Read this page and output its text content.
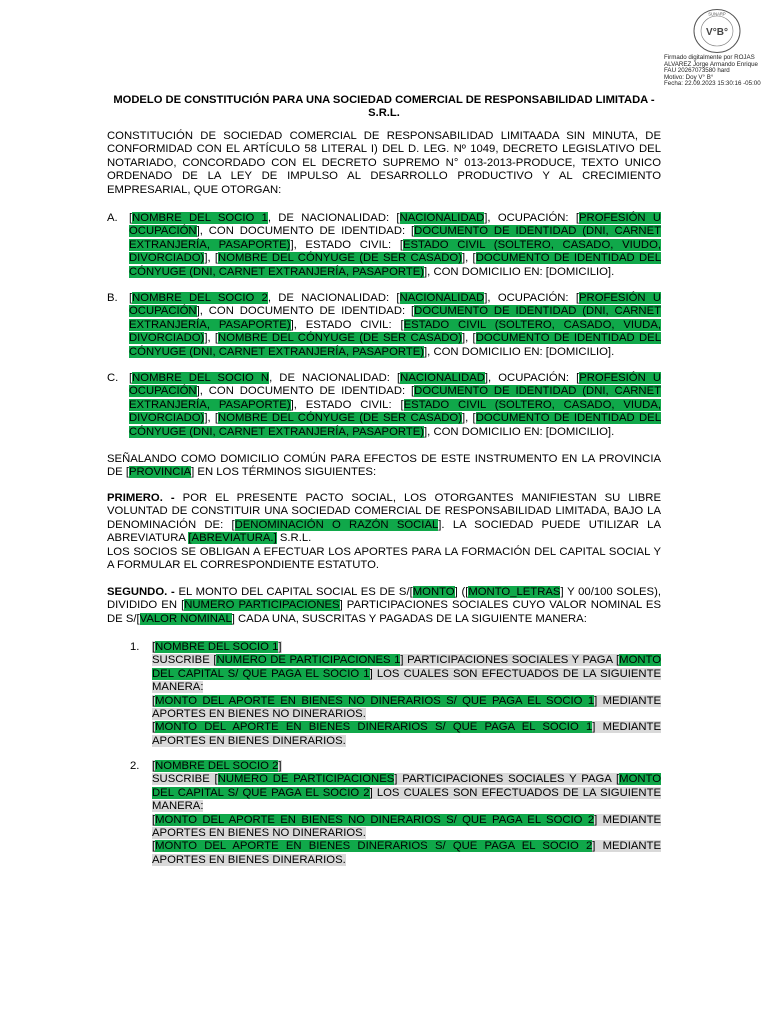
SUNARP
V°B°
Firmado digitalmente por ROJAS
ALVAREZ Jorge Armando Enrique
FAU 20267073580 hard
Motivo: Doy V° B°
Fecha: 22.09.2023 15:30:16 -05:00
MODELO DE CONSTITUCIÓN PARA UNA SOCIEDAD COMERCIAL DE RESPONSABILIDAD LIMITADA - S.R.L.
CONSTITUCIÓN DE SOCIEDAD COMERCIAL DE RESPONSABILIDAD LIMITAADA SIN MINUTA, DE CONFORMIDAD CON EL ARTÍCULO 58 LITERAL I) DEL D. LEG. Nº 1049, DECRETO LEGISLATIVO DEL NOTARIADO, CONCORDADO CON EL DECRETO SUPREMO N° 013-2013-PRODUCE, TEXTO UNICO ORDENADO DE LA LEY DE IMPULSO AL DESARROLLO PRODUCTIVO Y AL CRECIMIENTO EMPRESARIAL, QUE OTORGAN:
A. [NOMBRE DEL SOCIO 1, DE NACIONALIDAD: [NACIONALIDAD], OCUPACIÓN: [PROFESIÓN U OCUPACIÓN], CON DOCUMENTO DE IDENTIDAD: [DOCUMENTO DE IDENTIDAD (DNI, CARNET EXTRANJERÍA, PASAPORTE)], ESTADO CIVIL: [ESTADO CIVIL (SOLTERO, CASADO, VIUDO, DIVORCIADO)], [NOMBRE DEL CÓNYUGE (DE SER CASADO)], [DOCUMENTO DE IDENTIDAD DEL CÓNYUGE (DNI, CARNET EXTRANJERÍA, PASAPORTE)], CON DOMICILIO EN: [DOMICILIO].
B. [NOMBRE DEL SOCIO 2, DE NACIONALIDAD: [NACIONALIDAD], OCUPACIÓN: [PROFESIÓN U OCUPACIÓN], CON DOCUMENTO DE IDENTIDAD: [DOCUMENTO DE IDENTIDAD (DNI, CARNET EXTRANJERÍA, PASAPORTE)], ESTADO CIVIL: [ESTADO CIVIL (SOLTERO, CASADO, VIUDA, DIVORCIADO)], [NOMBRE DEL CÓNYUGE (DE SER CASADO)], [DOCUMENTO DE IDENTIDAD DEL CÓNYUGE (DNI, CARNET EXTRANJERÍA, PASAPORTE)], CON DOMICILIO EN: [DOMICILIO].
C. [NOMBRE DEL SOCIO N, DE NACIONALIDAD: [NACIONALIDAD], OCUPACIÓN: [PROFESIÓN U OCUPACIÓN], CON DOCUMENTO DE IDENTIDAD: [DOCUMENTO DE IDENTIDAD (DNI, CARNET EXTRANJERÍA, PASAPORTE)], ESTADO CIVIL: [ESTADO CIVIL (SOLTERO, CASADO, VIUDA, DIVORCIADO)], [NOMBRE DEL CÓNYUGE (DE SER CASADO)], [DOCUMENTO DE IDENTIDAD DEL CÓNYUGE (DNI, CARNET EXTRANJERÍA, PASAPORTE)], CON DOMICILIO EN: [DOMICILIO].
SEÑALANDO COMO DOMICILIO COMÚN PARA EFECTOS DE ESTE INSTRUMENTO EN LA PROVINCIA DE [PROVINCIA] EN LOS TÉRMINOS SIGUIENTES:

PRIMERO. - POR EL PRESENTE PACTO SOCIAL, LOS OTORGANTES MANIFIESTAN SU LIBRE VOLUNTAD DE CONSTITUIR UNA SOCIEDAD COMERCIAL DE RESPONSABILIDAD LIMITADA, BAJO LA DENOMINACIÓN DE: [DENOMINACIÓN O RAZÓN SOCIAL]. LA SOCIEDAD PUEDE UTILIZAR LA ABREVIATURA [ABREVIATURA.] S.R.L.

LOS SOCIOS SE OBLIGAN A EFECTUAR LOS APORTES PARA LA FORMACIÓN DEL CAPITAL SOCIAL Y A FORMULAR EL CORRESPONDIENTE ESTATUTO.

SEGUNDO. - EL MONTO DEL CAPITAL SOCIAL ES DE S/[MONTO] ([MONTO_LETRAS] Y 00/100 SOLES), DIVIDIDO EN [NUMERO PARTICIPACIONES] PARTICIPACIONES SOCIALES CUYO VALOR NOMINAL ES DE S/[VALOR NOMINAL] CADA UNA, SUSCRITAS Y PAGADAS DE LA SIGUIENTE MANERA:
1. [NOMBRE DEL SOCIO 1]
SUSCRIBE [NUMERO DE PARTICIPACIONES 1] PARTICIPACIONES SOCIALES Y PAGA [MONTO DEL CAPITAL S/ QUE PAGA EL SOCIO 1] LOS CUALES SON EFECTUADOS DE LA SIGUIENTE MANERA:
[MONTO DEL APORTE EN BIENES NO DINERARIOS S/ QUE PAGA EL SOCIO 1] MEDIANTE APORTES EN BIENES NO DINERARIOS.
[MONTO DEL APORTE EN BIENES DINERARIOS S/ QUE PAGA EL SOCIO 1] MEDIANTE APORTES EN BIENES DINERARIOS.
2. [NOMBRE DEL SOCIO 2]
SUSCRIBE [NUMERO DE PARTICIPACIONES] PARTICIPACIONES SOCIALES Y PAGA [MONTO DEL CAPITAL S/ QUE PAGA EL SOCIO 2] LOS CUALES SON EFECTUADOS DE LA SIGUIENTE MANERA:
[MONTO DEL APORTE EN BIENES NO DINERARIOS S/ QUE PAGA EL SOCIO 2] MEDIANTE APORTES EN BIENES NO DINERARIOS.
[MONTO DEL APORTE EN BIENES DINERARIOS S/ QUE PAGA EL SOCIO 2] MEDIANTE APORTES EN BIENES DINERARIOS.
